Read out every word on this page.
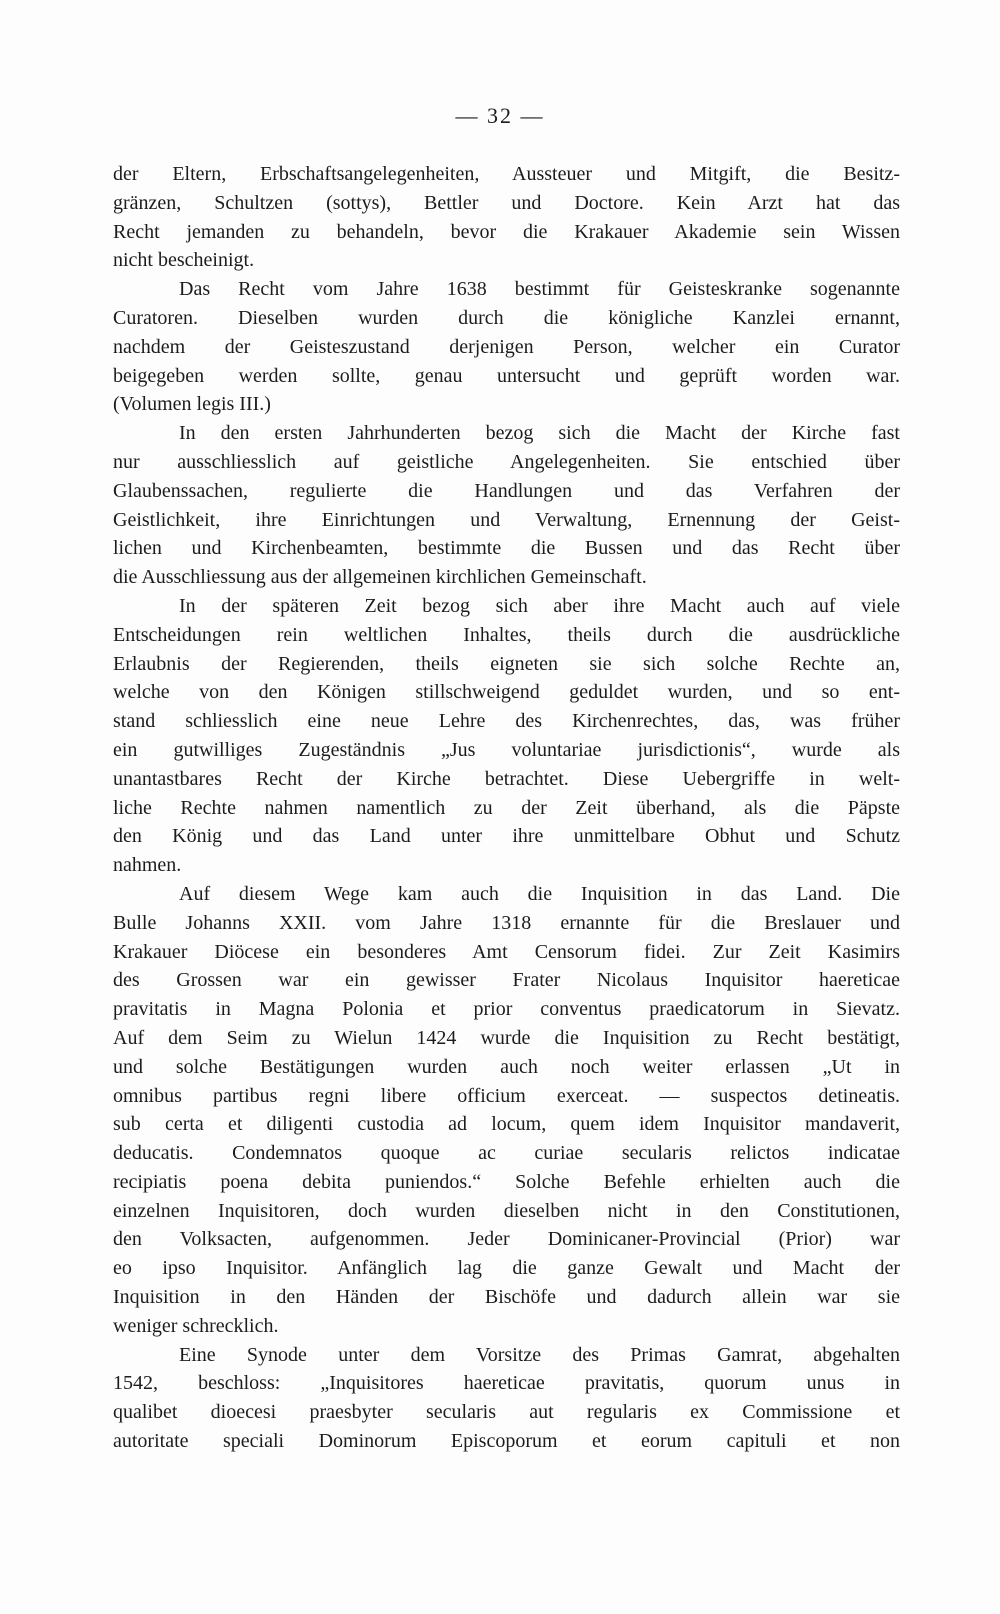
— 32 —

der Eltern, Erbschaftsangelegenheiten, Aussteuer und Mitgift, die Besitz-
gränzen, Schultzen (sottys), Bettler und Doctore. Kein Arzt hat das
Recht jemanden zu behandeln, bevor die Krakauer Akademie sein Wissen
nicht bescheinigt.

Das Recht vom Jahre 1638 bestimmt für Geisteskranke sogenannte
Curatoren. Dieselben wurden durch die königliche Kanzlei ernannt,
nachdem der Geisteszustand derjenigen Person, welcher ein Curator
beigegeben werden sollte, genau untersucht und geprüft worden war.
(Volumen legis III.)

In den ersten Jahrhunderten bezog sich die Macht der Kirche fast
nur ausschliesslich auf geistliche Angelegenheiten. Sie entschied über
Glaubenssachen, regulierte die Handlungen und das Verfahren der
Geistlichkeit, ihre Einrichtungen und Verwaltung, Ernennung der Geist-
lichen und Kirchenbeamten, bestimmte die Bussen und das Recht über
die Ausschliessung aus der allgemeinen kirchlichen Gemeinschaft.

In der späteren Zeit bezog sich aber ihre Macht auch auf viele
Entscheidungen rein weltlichen Inhaltes, theils durch die ausdrückliche
Erlaubnis der Regierenden, theils eigneten sie sich solche Rechte an,
welche von den Königen stillschweigend geduldet wurden, und so ent-
stand schliesslich eine neue Lehre des Kirchenrechtes, das, was früher
ein gutwilliges Zugeständnis „Jus voluntariae jurisdictionis“, wurde als
unantastbares Recht der Kirche betrachtet. Diese Uebergriffe in welt-
liche Rechte nahmen namentlich zu der Zeit überhand, als die Päpste
den König und das Land unter ihre unmittelbare Obhut und Schutz
nahmen.

Auf diesem Wege kam auch die Inquisition in das Land. Die
Bulle Johanns XXII. vom Jahre 1318 ernannte für die Breslauer und
Krakauer Diöcese ein besonderes Amt Censorum fidei. Zur Zeit Kasimirs
des Grossen war ein gewisser Frater Nicolaus Inquisitor haereticae
pravitatis in Magna Polonia et prior conventus praedicatorum in Sievatz.
Auf dem Seim zu Wielun 1424 wurde die Inquisition zu Recht bestätigt,
und solche Bestätigungen wurden auch noch weiter erlassen „Ut in
omnibus partibus regni libere officium exerceat. — suspectos detineatis.
sub certa et diligenti custodia ad locum, quem idem Inquisitor mandaverit,
deducatis. Condemnatos quoque ac curiae secularis relictos indicatae
recipiatis poena debita puniendos.“ Solche Befehle erhielten auch die
einzelnen Inquisitoren, doch wurden dieselben nicht in den Constitutionen,
den Volksacten, aufgenommen. Jeder Dominicaner-Provincial (Prior) war
eo ipso Inquisitor. Anfänglich lag die ganze Gewalt und Macht der
Inquisition in den Händen der Bischöfe und dadurch allein war sie
weniger schrecklich.

Eine Synode unter dem Vorsitze des Primas Gamrat, abgehalten
1542, beschloss: „Inquisitores haereticae pravitatis, quorum unus in
qualibet dioecesi praesbyter secularis aut regularis ex Commissione et
autoritate speciali Dominorum Episcoporum et eorum capituli et non
